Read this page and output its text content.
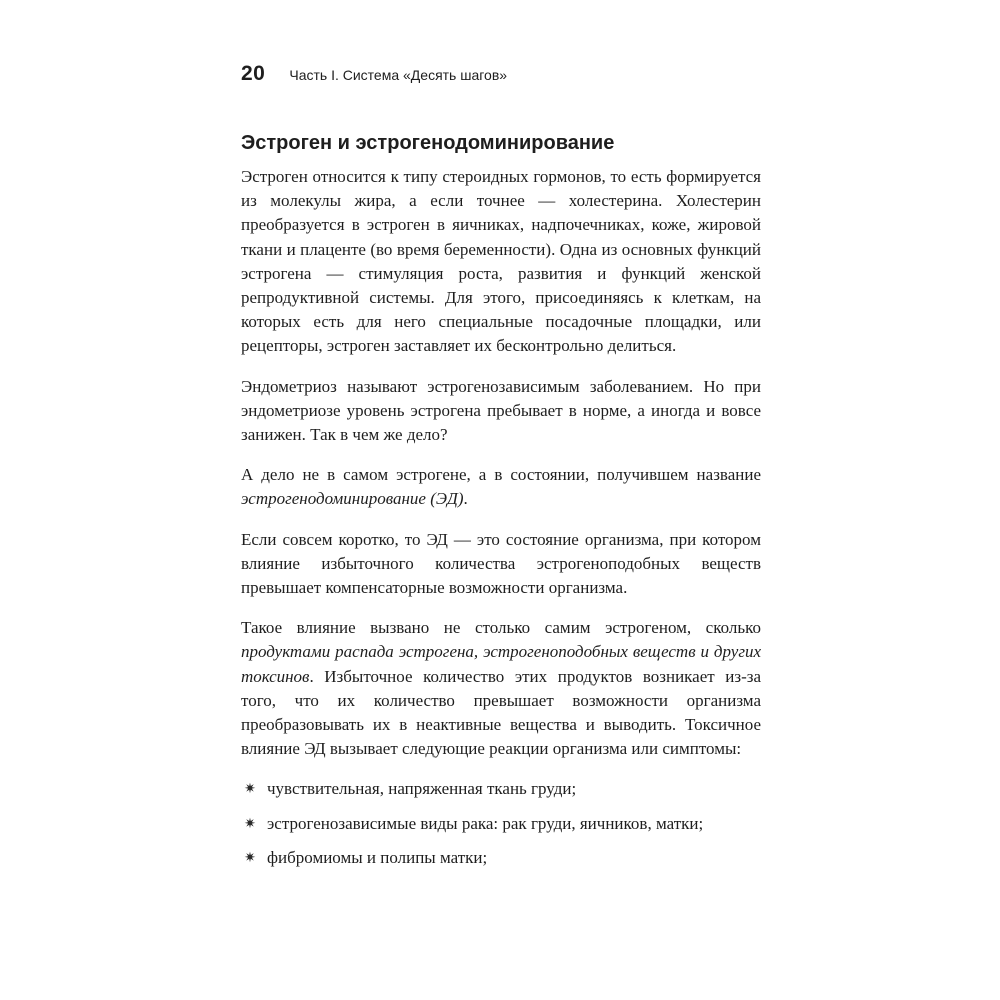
20 Часть I. Система «Десять шагов»
Эстроген и эстрогенодоминирование

Эстроген относится к типу стероидных гормонов, то есть формируется из молекулы жира, а если точнее — холестерина. Холестерин преобразуется в эстроген в яичниках, надпочечниках, коже, жировой ткани и плаценте (во время беременности). Одна из основных функций эстрогена — стимуляция роста, развития и функций женской репродуктивной системы. Для этого, присоединяясь к клеткам, на которых есть для него специальные посадочные площадки, или рецепторы, эстроген заставляет их бесконтрольно делиться.

Эндометриоз называют эстрогенозависимым заболеванием. Но при эндометриозе уровень эстрогена пребывает в норме, а иногда и вовсе занижен. Так в чем же дело?

А дело не в самом эстрогене, а в состоянии, получившем название эстрогенодоминирование (ЭД).

Если совсем коротко, то ЭД — это состояние организма, при котором влияние избыточного количества эстрогеноподобных веществ превышает компенсаторные возможности организма.

Такое влияние вызвано не столько самим эстрогеном, сколько продуктами распада эстрогена, эстрогеноподобных веществ и других токсинов. Избыточное количество этих продуктов возникает из-за того, что их количество превышает возможности организма преобразовывать их в неактивные вещества и выводить. Токсичное влияние ЭД вызывает следующие реакции организма или симптомы:

✷ чувствительная, напряженная ткань груди;
✷ эстрогенозависимые виды рака: рак груди, яичников, матки;
✷ фибромиомы и полипы матки;
